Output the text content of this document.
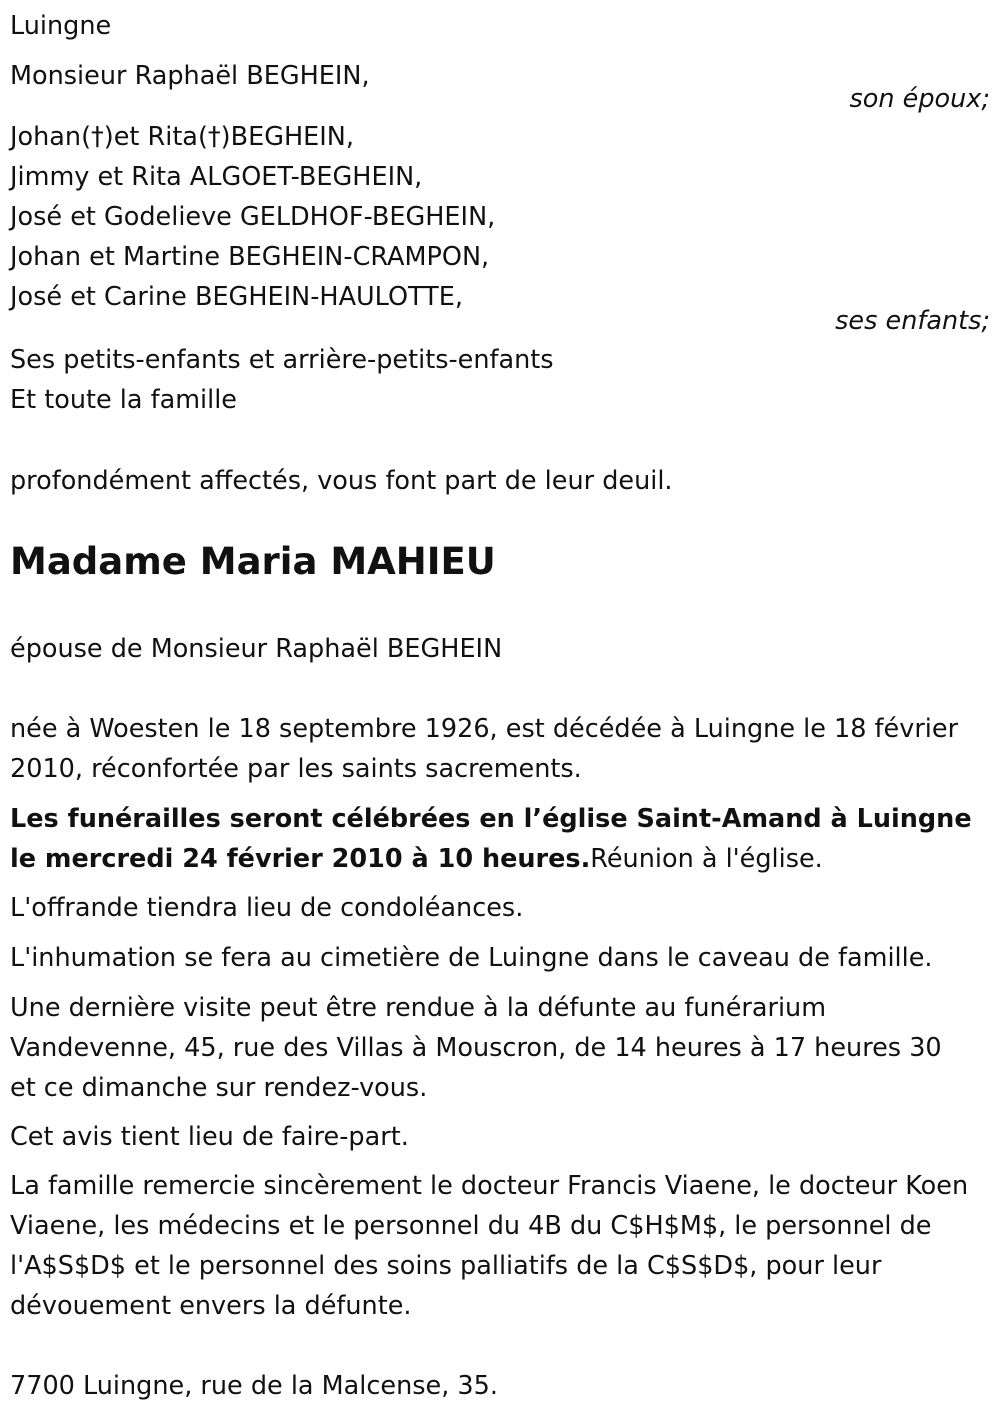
Luingne
Monsieur Raphaël BEGHEIN,
son époux;
Johan(†)et Rita(†)BEGHEIN,
Jimmy et Rita ALGOET-BEGHEIN,
José et Godelieve GELDHOF-BEGHEIN,
Johan et Martine BEGHEIN-CRAMPON,
José et Carine BEGHEIN-HAULOTTE,
ses enfants;
Ses petits-enfants et arrière-petits-enfants
Et toute la famille
profondément affectés, vous font part de leur deuil.
Madame Maria MAHIEU
épouse de Monsieur Raphaël BEGHEIN
née à Woesten le 18 septembre 1926, est décédée à Luingne le 18 février 2010, réconfortée par les saints sacrements.
Les funérailles seront célébrées en l’église Saint-Amand à Luingne le mercredi 24 février 2010 à 10 heures.Réunion à l'église.
L'offrande tiendra lieu de condoléances.
L'inhumation se fera au cimetière de Luingne dans le caveau de famille.
Une dernière visite peut être rendue à la défunte au funérarium Vandevenne, 45, rue des Villas à Mouscron, de 14 heures à 17 heures 30 et ce dimanche sur rendez-vous.
Cet avis tient lieu de faire-part.
La famille remercie sincèrement le docteur Francis Viaene, le docteur Koen Viaene, les médecins et le personnel du 4B du C$H$M$, le personnel de l'A$S$D$ et le personnel des soins palliatifs de la C$S$D$, pour leur dévouement envers la défunte.
7700 Luingne, rue de la Malcense, 35.
